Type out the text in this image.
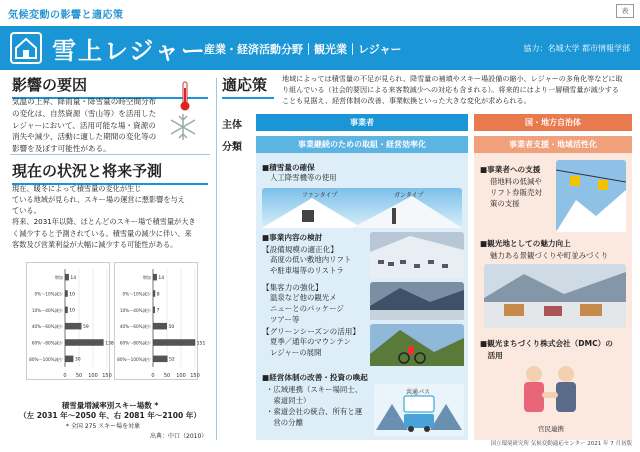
気候変動の影響と適応策	表
雪上レジャー
産業・経済活動分野｜観光業｜レジャー	協力：名城大学 都市情報学部
影響の要因
気温の上昇、降雨量・降雪量の時空間分布
の変化は、自然資源（雪山等）を活用した
レジャーにおいて、活用可能な場・資源の
消失や減少、活動に適した期間の変化等の
影響を及ぼす可能性がある。
現在の状況と将来予測
現在、暖冬によって積雪量の変化が生じ
ている地域が見られ、スキー場の運営に悪影響を与え
ている。
将来、2031年以降、ほとんどのスキー場で積雪量が大き
く減少すると予測されている。積雪量の減少に伴い、来
客数及び営業利益が大幅に減少する可能性がある。
0 50 100 150
増加 14
0%〜10%減少 10
10%〜40%減少 10
40%〜60%減少	59
60%〜80%減少	138
80%〜100%減少	30
0 50 100 150
増加 14
0%〜10%減少 8
10%〜40%減少 7
40%〜60%減少	50
60%〜80%減少	151
80%〜100%減少	52
積雪量増減率別スキー場数 *
（左 2031 年〜2050 年、右 2081 年〜2100 年）
* 全国 275 スキー場を対象
出典：中口（2010）
適応策	地域によっては積雪量の不足が見られ、降雪量の補填やスキー場設備の縮小、レジャーの多角化等などに取
り組んでいる（社会的要因による来客数減少への対応も含まれる）。将来的にはより一層積雪量が減少する
ことも見据え、経営体制の改善、事業転換といった大きな変化が求められる。
主体
分類
事業者	国・地方自治体
事業継続のための取組・経営効率化	事業者支援・地域活性化
■積雪量の確保
人工降雪機等の使用
ファンタイプ	ガンタイプ
■事業内容の検討
【設備規模の適正化】
高度の低い敷地内リフト
や駐車場等のリストラ
【集客力の強化】
温泉など他の観光メ
ニューとのパッケージ
ツアー等
【グリーンシーズンの活用】
夏季／通年のマウンテン
レジャーの展開
■経営体制の改善・投資の喚起
・広域連携（スキー場同士、
　索道同士）
・索道会社の統合、所有と運
　営の分離
共通パス
■事業者への支援
借地料の低減や
リフト券販売対
策の支援
■観光地としての魅力向上
魅力ある景観づくりや町並みづくり
■観光まちづくり株式会社（DMC）の
　活用
官民連携
国立環境研究所 気候変動適応センター 2021 年 7 月初版
